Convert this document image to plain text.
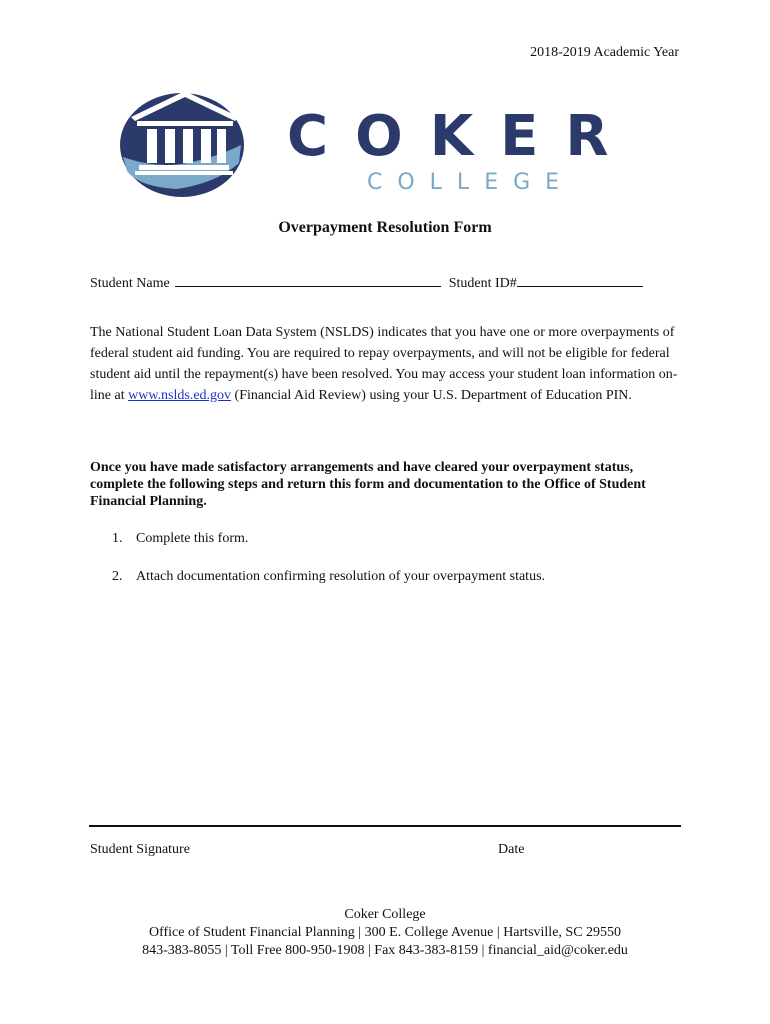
2018-2019 Academic Year
COKER
COLLEGE
Overpayment Resolution Form
Student Name	Student ID#
The National Student Loan Data System (NSLDS) indicates that you have one or more overpayments of federal student aid funding. You are required to repay overpayments, and will not be eligible for federal student aid until the repayment(s) have been resolved. You may access your student loan information on-line at www.nslds.ed.gov (Financial Aid Review) using your U.S. Department of Education PIN.
Once you have made satisfactory arrangements and have cleared your overpayment status, complete the following steps and return this form and documentation to the Office of Student Financial Planning.
1. Complete this form.
2. Attach documentation confirming resolution of your overpayment status.
Student Signature	Date
Coker College
Office of Student Financial Planning | 300 E. College Avenue | Hartsville, SC 29550
843-383-8055 | Toll Free 800-950-1908 | Fax 843-383-8159 | financial_aid@coker.edu
